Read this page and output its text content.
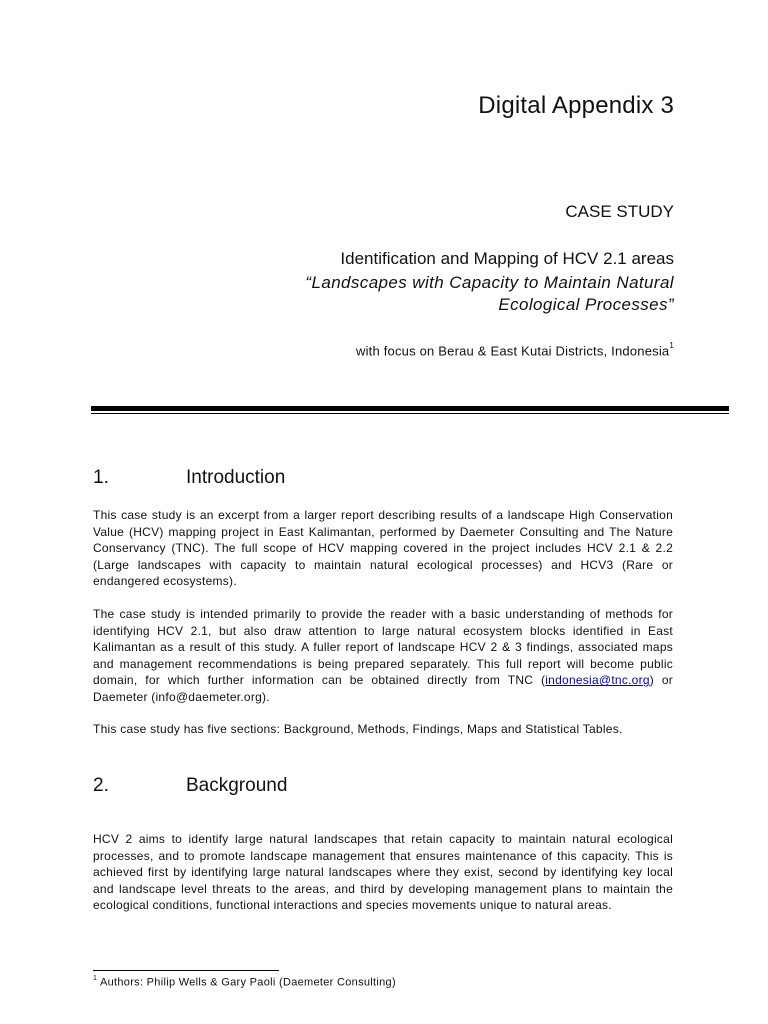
Digital Appendix 3
CASE STUDY
Identification and Mapping of HCV 2.1 areas
“Landscapes with Capacity to Maintain Natural
Ecological Processes”
with focus on Berau & East Kutai Districts, Indonesia$^1$
1.	Introduction
This case study is an excerpt from a larger report describing results of a landscape High Conservation Value (HCV) mapping project in East Kalimantan, performed by Daemeter Consulting and The Nature Conservancy (TNC). The full scope of HCV mapping covered in the project includes HCV 2.1 & 2.2 (Large landscapes with capacity to maintain natural ecological processes) and HCV3 (Rare or endangered ecosystems).
The case study is intended primarily to provide the reader with a basic understanding of methods for identifying HCV 2.1, but also draw attention to large natural ecosystem blocks identified in East Kalimantan as a result of this study. A fuller report of landscape HCV 2 & 3 findings, associated maps and management recommendations is being prepared separately. This full report will become public domain, for which further information can be obtained directly from TNC (indonesia@tnc.org) or Daemeter (info@daemeter.org).
This case study has five sections: Background, Methods, Findings, Maps and Statistical Tables.
2.	Background
HCV 2 aims to identify large natural landscapes that retain capacity to maintain natural ecological processes, and to promote landscape management that ensures maintenance of this capacity. This is achieved first by identifying large natural landscapes where they exist, second by identifying key local and landscape level threats to the areas, and third by developing management plans to maintain the ecological conditions, functional interactions and species movements unique to natural areas.
$^1$ Authors: Philip Wells & Gary Paoli (Daemeter Consulting)
